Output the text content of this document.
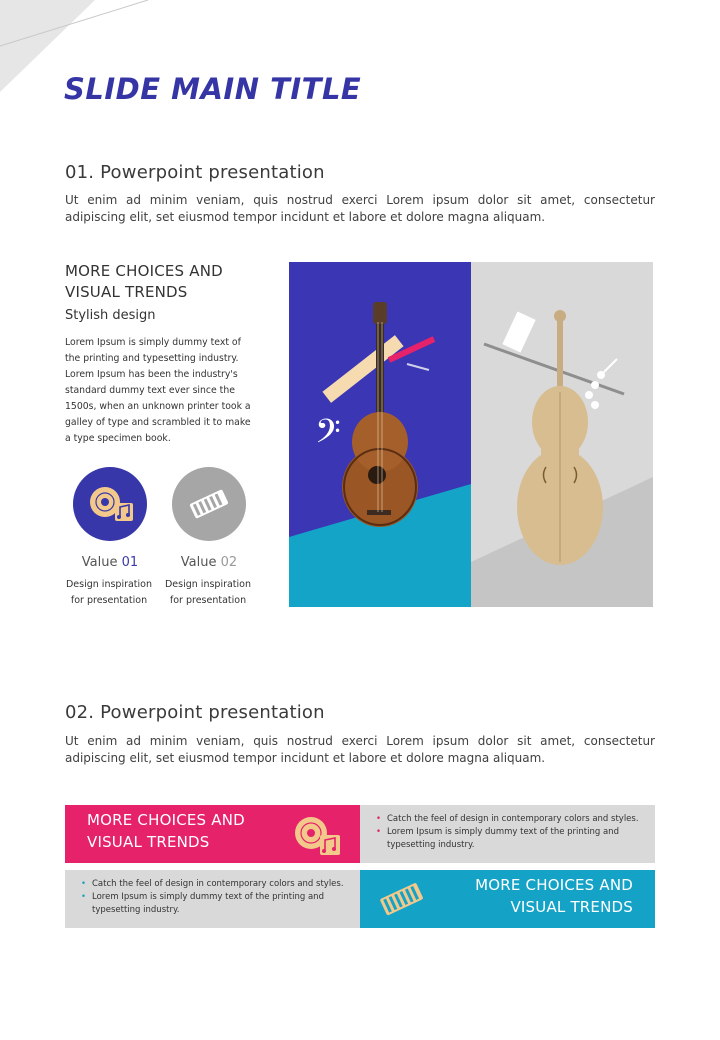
SLIDE MAIN TITLE
01. Powerpoint presentation
Ut enim ad minim veniam, quis nostrud exerci Lorem ipsum dolor sit amet, consectetur adipiscing elit, set eiusmod tempor incidunt et labore et dolore magna aliquam.
MORE CHOICES AND VISUAL TRENDS
Stylish design
Lorem Ipsum is simply dummy text of the printing and typesetting industry. Lorem Ipsum has been the industry's standard dummy text ever since the 1500s, when an unknown printer took a galley of type and scrambled it to make a type specimen book.
Value 01	Value 02
Design inspiration for presentation
Design inspiration for presentation
𝄢
02. Powerpoint presentation
Ut enim ad minim veniam, quis nostrud exerci Lorem ipsum dolor sit amet, consectetur adipiscing elit, set eiusmod tempor incidunt et labore et dolore magna aliquam.
MORE CHOICES AND VISUAL TRENDS
• Catch the feel of design in contemporary colors and styles.
• Lorem Ipsum is simply dummy text of the printing and typesetting industry.
• Catch the feel of design in contemporary colors and styles.
• Lorem Ipsum is simply dummy text of the printing and typesetting industry.
MORE CHOICES AND VISUAL TRENDS
